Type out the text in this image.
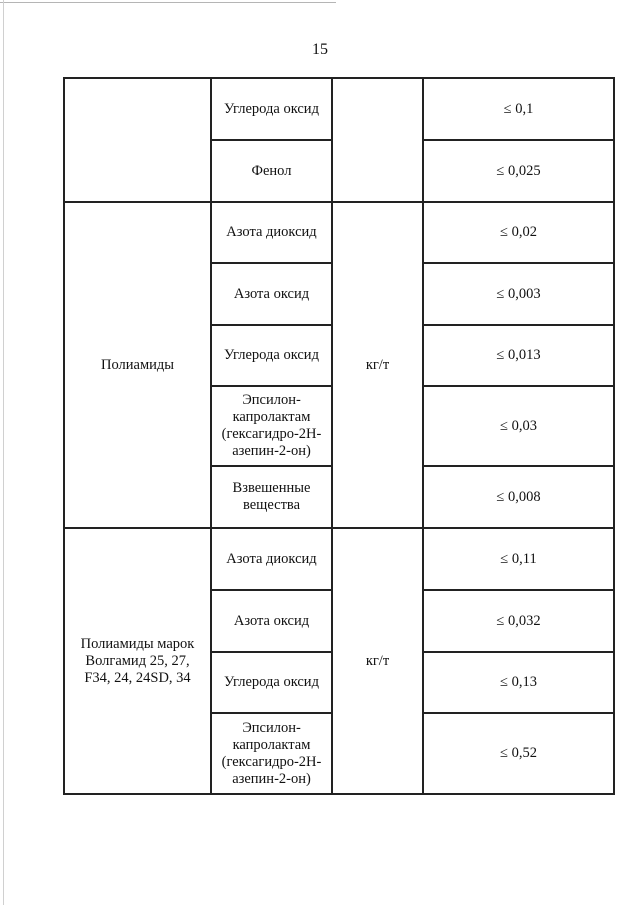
15
	Углерода оксид		≤ 0,1
	Фенол		≤ 0,025
Полиамиды	Азота диоксид	кг/т	≤ 0,02
	Азота оксид		≤ 0,003
	Углерода оксид		≤ 0,013
	Эпсилон-капролактам (гексагидро-2Н-азепин-2-он)		≤ 0,03
	Взвешенные вещества		≤ 0,008
Полиамиды марок Волгамид 25, 27, F34, 24, 24SD, 34	Азота диоксид	кг/т	≤ 0,11
	Азота оксид		≤ 0,032
	Углерода оксид		≤ 0,13
	Эпсилон-капролактам (гексагидро-2Н-азепин-2-он)		≤ 0,52
